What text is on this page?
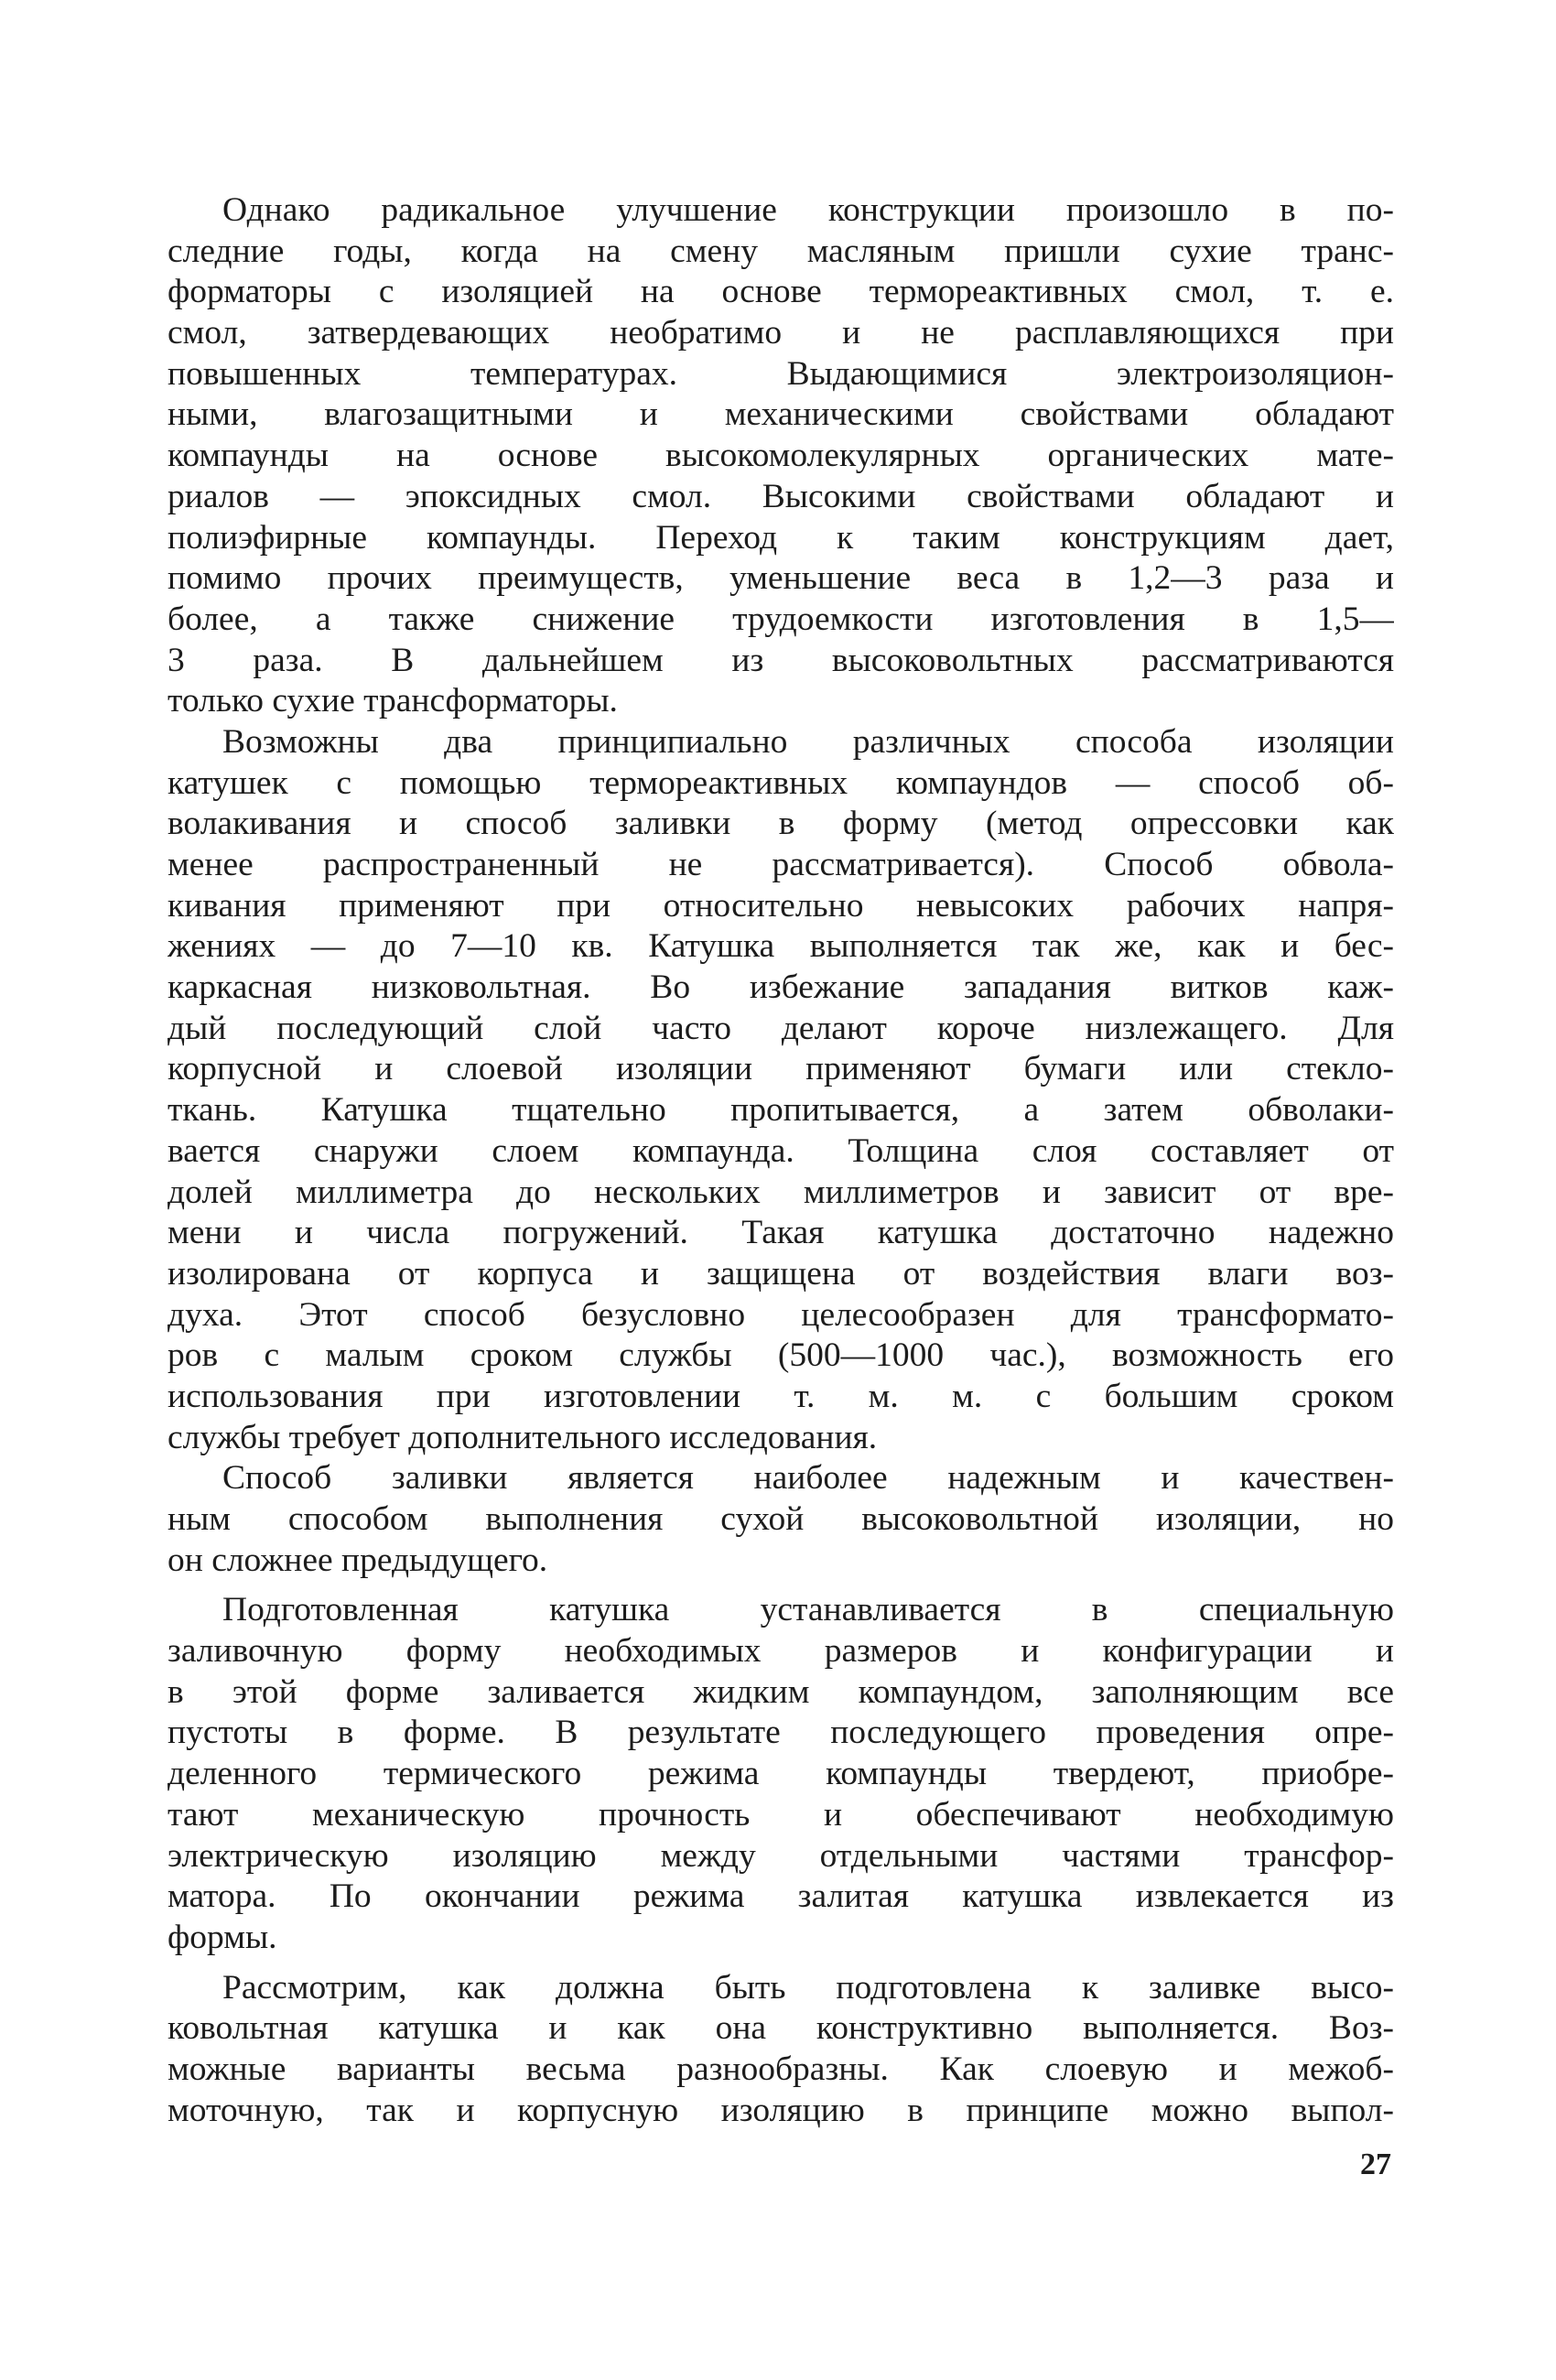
Однако радикальное улучшение конструкции произошло в по-
следние годы, когда на смену масляным пришли сухие транс-
форматоры с изоляцией на основе термореактивных смол, т. е.
смол, затвердевающих необратимо и не расплавляющихся при
повышенных температурах. Выдающимися электроизоляцион-
ными, влагозащитными и механическими свойствами обладают
компаунды на основе высокомолекулярных органических мате-
риалов — эпоксидных смол. Высокими свойствами обладают и
полиэфирные компаунды. Переход к таким конструкциям дает,
помимо прочих преимуществ, уменьшение веса в 1,2—3 раза и
более, а также снижение трудоемкости изготовления в 1,5—
3 раза. В дальнейшем из высоковольтных рассматриваются
только сухие трансформаторы.
Возможны два принципиально различных способа изоляции
катушек с помощью термореактивных компаундов — способ об-
волакивания и способ заливки в форму (метод опрессовки как
менее распространенный не рассматривается). Способ обвола-
кивания применяют при относительно невысоких рабочих напря-
жениях — до 7—10 кв. Катушка выполняется так же, как и бес-
каркасная низковольтная. Во избежание западания витков каж-
дый последующий слой часто делают короче низлежащего. Для
корпусной и слоевой изоляции применяют бумаги или стекло-
ткань. Катушка тщательно пропитывается, а затем обволаки-
вается снаружи слоем компаунда. Толщина слоя составляет от
долей миллиметра до нескольких миллиметров и зависит от вре-
мени и числа погружений. Такая катушка достаточно надежно
изолирована от корпуса и защищена от воздействия влаги воз-
духа. Этот способ безусловно целесообразен для трансформато-
ров с малым сроком службы (500—1000 час.), возможность его
использования при изготовлении т. м. м. с большим сроком
службы требует дополнительного исследования.
Способ заливки является наиболее надежным и качествен-
ным способом выполнения сухой высоковольтной изоляции, но
он сложнее предыдущего.
Подготовленная катушка устанавливается в специальную
заливочную форму необходимых размеров и конфигурации и
в этой форме заливается жидким компаундом, заполняющим все
пустоты в форме. В результате последующего проведения опре-
деленного термического режима компаунды твердеют, приобре-
тают механическую прочность и обеспечивают необходимую
электрическую изоляцию между отдельными частями трансфор-
матора. По окончании режима залитая катушка извлекается из
формы.
Рассмотрим, как должна быть подготовлена к заливке высо-
ковольтная катушка и как она конструктивно выполняется. Воз-
можные варианты весьма разнообразны. Как слоевую и межоб-
моточную, так и корпусную изоляцию в принципе можно выпол-
27
